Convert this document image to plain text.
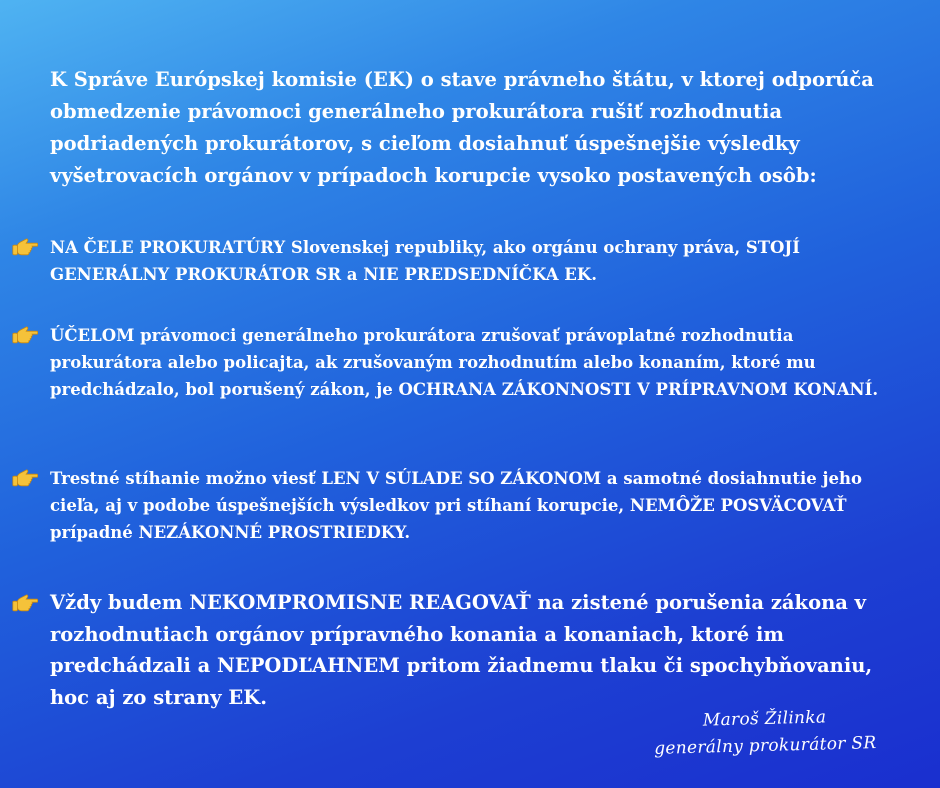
K Správe Európskej komisie (EK) o stave právneho štátu, v ktorej odporúča obmedzenie právomoci generálneho prokurátora rušiť rozhodnutia podriadených prokurátorov, s cieľom dosiahnuť úspešnejšie výsledky vyšetrovacích orgánov v prípadoch korupcie vysoko postavených osôb:

NA ČELE PROKURATÚRY Slovenskej republiky, ako orgánu ochrany práva, STOJÍ GENERÁLNY PROKURÁTOR SR a NIE PREDSEDNÍČKA EK.

ÚČELOM právomoci generálneho prokurátora zrušovať právoplatné rozhodnutia prokurátora alebo policajta, ak zrušovaným rozhodnutím alebo konaním, ktoré mu predchádzalo, bol porušený zákon, je OCHRANA ZÁKONNOSTI V PRÍPRAVNOM KONANÍ.

Trestné stíhanie možno viesť LEN V SÚLADE SO ZÁKONOM a samotné dosiahnutie jeho cieľa, aj v podobe úspešnejších výsledkov pri stíhaní korupcie, NEMÔŽE POSVÄCOVAŤ prípadné NEZÁKONNÉ PROSTRIEDKY.

Vždy budem NEKOMPROMISNE REAGOVAŤ na zistené porušenia zákona v rozhodnutiach orgánov prípravného konania a konaniach, ktoré im predchádzali a NEPODĽAHNEM pritom žiadnemu tlaku či spochybňovaniu, hoc aj zo strany EK.

Maroš Žilinka
generálny prokurátor SR
